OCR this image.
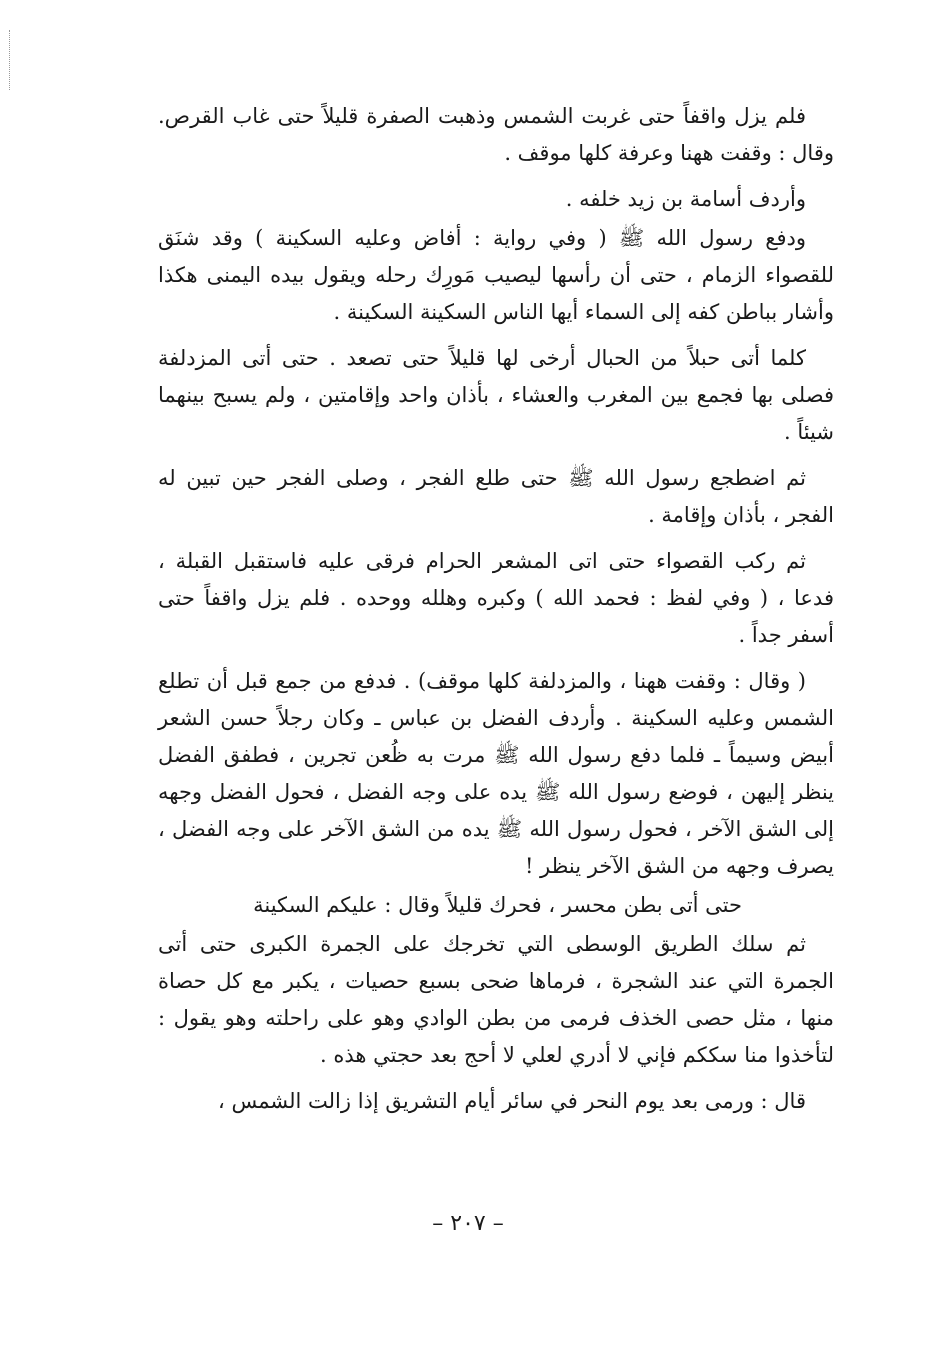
فلم يزل واقفاً حتى غربت الشمس وذهبت الصفرة قليلاً حتى غاب القرص. وقال : وقفت ههنا وعرفة كلها موقف .

وأردف أسامة بن زيد خلفه .

ودفع رسول الله ﷺ ( وفي رواية : أفاض وعليه السكينة ) وقد شنَق للقصواء الزمام ، حتى أن رأسها ليصيب مَورِك رحله ويقول بيده اليمنى هكذا وأشار بباطن كفه إلى السماء أيها الناس السكينة السكينة .

كلما أتى حبلاً من الحبال أرخى لها قليلاً حتى تصعد . حتى أتى المزدلفة فصلى بها فجمع بين المغرب والعشاء ، بأذان واحد وإقامتين ، ولم يسبح بينهما شيئاً .

ثم اضطجع رسول الله ﷺ حتى طلع الفجر ، وصلى الفجر حين تبين له الفجر ، بأذان وإقامة .

ثم ركب القصواء حتى اتى المشعر الحرام فرقى عليه فاستقبل القبلة ، فدعا ، ( وفي لفظ : فحمد الله ) وكبره وهلله ووحده . فلم يزل واقفاً حتى أسفر جداً .

( وقال : وقفت ههنا ، والمزدلفة كلها موقف) . فدفع من جمع قبل أن تطلع الشمس وعليه السكينة . وأردف الفضل بن عباس ـ وكان رجلاً حسن الشعر أبيض وسيماً ـ فلما دفع رسول الله ﷺ مرت به ظُعن تجرين ، فطفق الفضل ينظر إليهن ، فوضع رسول الله ﷺ يده على وجه الفضل ، فحول الفضل وجهه إلى الشق الآخر ، فحول رسول الله ﷺ يده من الشق الآخر على وجه الفضل ، يصرف وجهه من الشق الآخر ينظر !

حتى أتى بطن محسر ، فحرك قليلاً وقال : عليكم السكينة

ثم سلك الطريق الوسطى التي تخرجك على الجمرة الكبرى حتى أتى الجمرة التي عند الشجرة ، فرماها ضحى بسبع حصيات ، يكبر مع كل حصاة منها ، مثل حصى الخذف فرمى من بطن الوادي وهو على راحلته وهو يقول : لتأخذوا منا سككم فإني لا أدري لعلي لا أحج بعد حجتي هذه .

قال : ورمى بعد يوم النحر في سائر أيام التشريق إذا زالت الشمس ،

– ٢٠٧ –
